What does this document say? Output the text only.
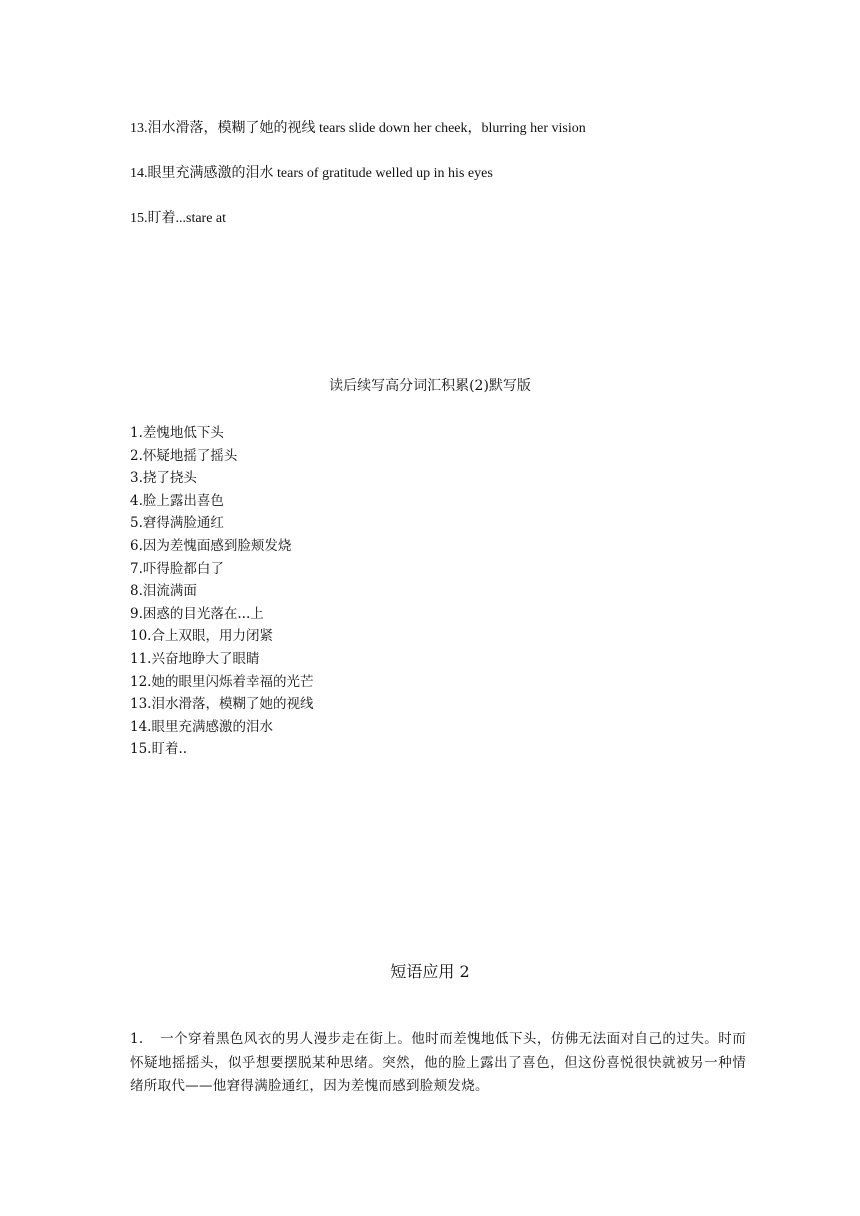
13.泪水滑落，模糊了她的视线 tears slide down her cheek，blurring her vision
14.眼里充满感激的泪水 tears of gratitude welled up in his eyes
15.盯着...stare at
读后续写高分词汇积累(2)默写版
1.差愧地低下头
2.怀疑地摇了摇头
3.挠了挠头
4.脸上露出喜色
5.窘得满脸通红
6.因为差愧面感到脸颊发烧
7.吓得脸都白了
8.泪流满面
9.困惑的目光落在...上
10.合上双眼，用力闭紧
11.兴奋地睁大了眼睛
12.她的眼里闪烁着幸福的光芒
13.泪水滑落，模糊了她的视线
14.眼里充满感激的泪水
15.盯着..
短语应用 2

1. 一个穿着黑色风衣的男人漫步走在街上。他时而差愧地低下头，仿佛无法面对自己的过失。时而怀疑地摇摇头，似乎想要摆脱某种思绪。突然，他的脸上露出了喜色，但这份喜悦很快就被另一种情绪所取代——他窘得满脸通红，因为差愧而感到脸颊发烧。
